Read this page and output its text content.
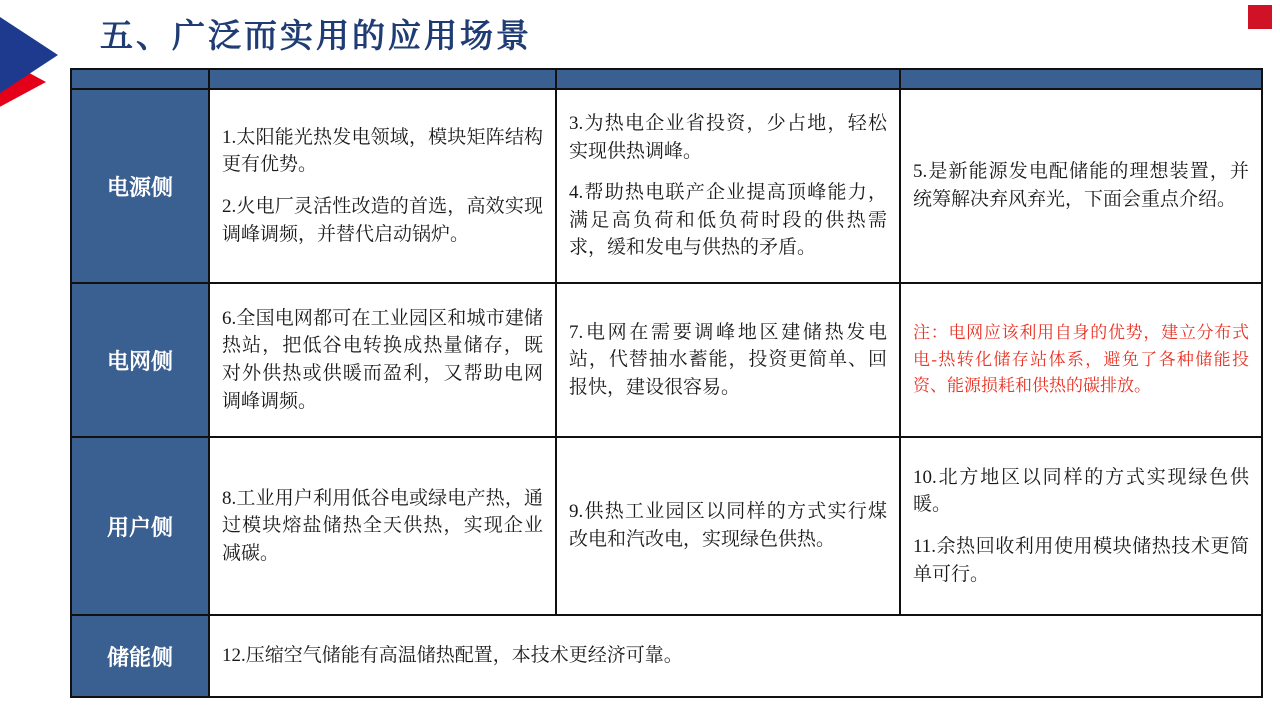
五、广泛而实用的应用场景
电源侧

1.太阳能光热发电领域，模块矩阵结构更有优势。

2.火电厂灵活性改造的首选，高效实现调峰调频，并替代启动锅炉。

3.为热电企业省投资，少占地，轻松实现供热调峰。

4.帮助热电联产企业提高顶峰能力，满足高负荷和低负荷时段的供热需求，缓和发电与供热的矛盾。

5.是新能源发电配储能的理想装置，并统筹解决弃风弃光，下面会重点介绍。

电网侧

6.全国电网都可在工业园区和城市建储热站，把低谷电转换成热量储存，既对外供热或供暖而盈利，又帮助电网调峰调频。

7.电网在需要调峰地区建储热发电站，代替抽水蓄能，投资更简单、回报快，建设很容易。

注：电网应该利用自身的优势，建立分布式电-热转化储存站体系，避免了各种储能投资、能源损耗和供热的碳排放。

用户侧

8.工业用户利用低谷电或绿电产热，通过模块熔盐储热全天供热，实现企业减碳。

9.供热工业园区以同样的方式实行煤改电和汽改电，实现绿色供热。

10.北方地区以同样的方式实现绿色供暖。

11.余热回收利用使用模块储热技术更简单可行。

储能侧	12.压缩空气储能有高温储热配置，本技术更经济可靠。
